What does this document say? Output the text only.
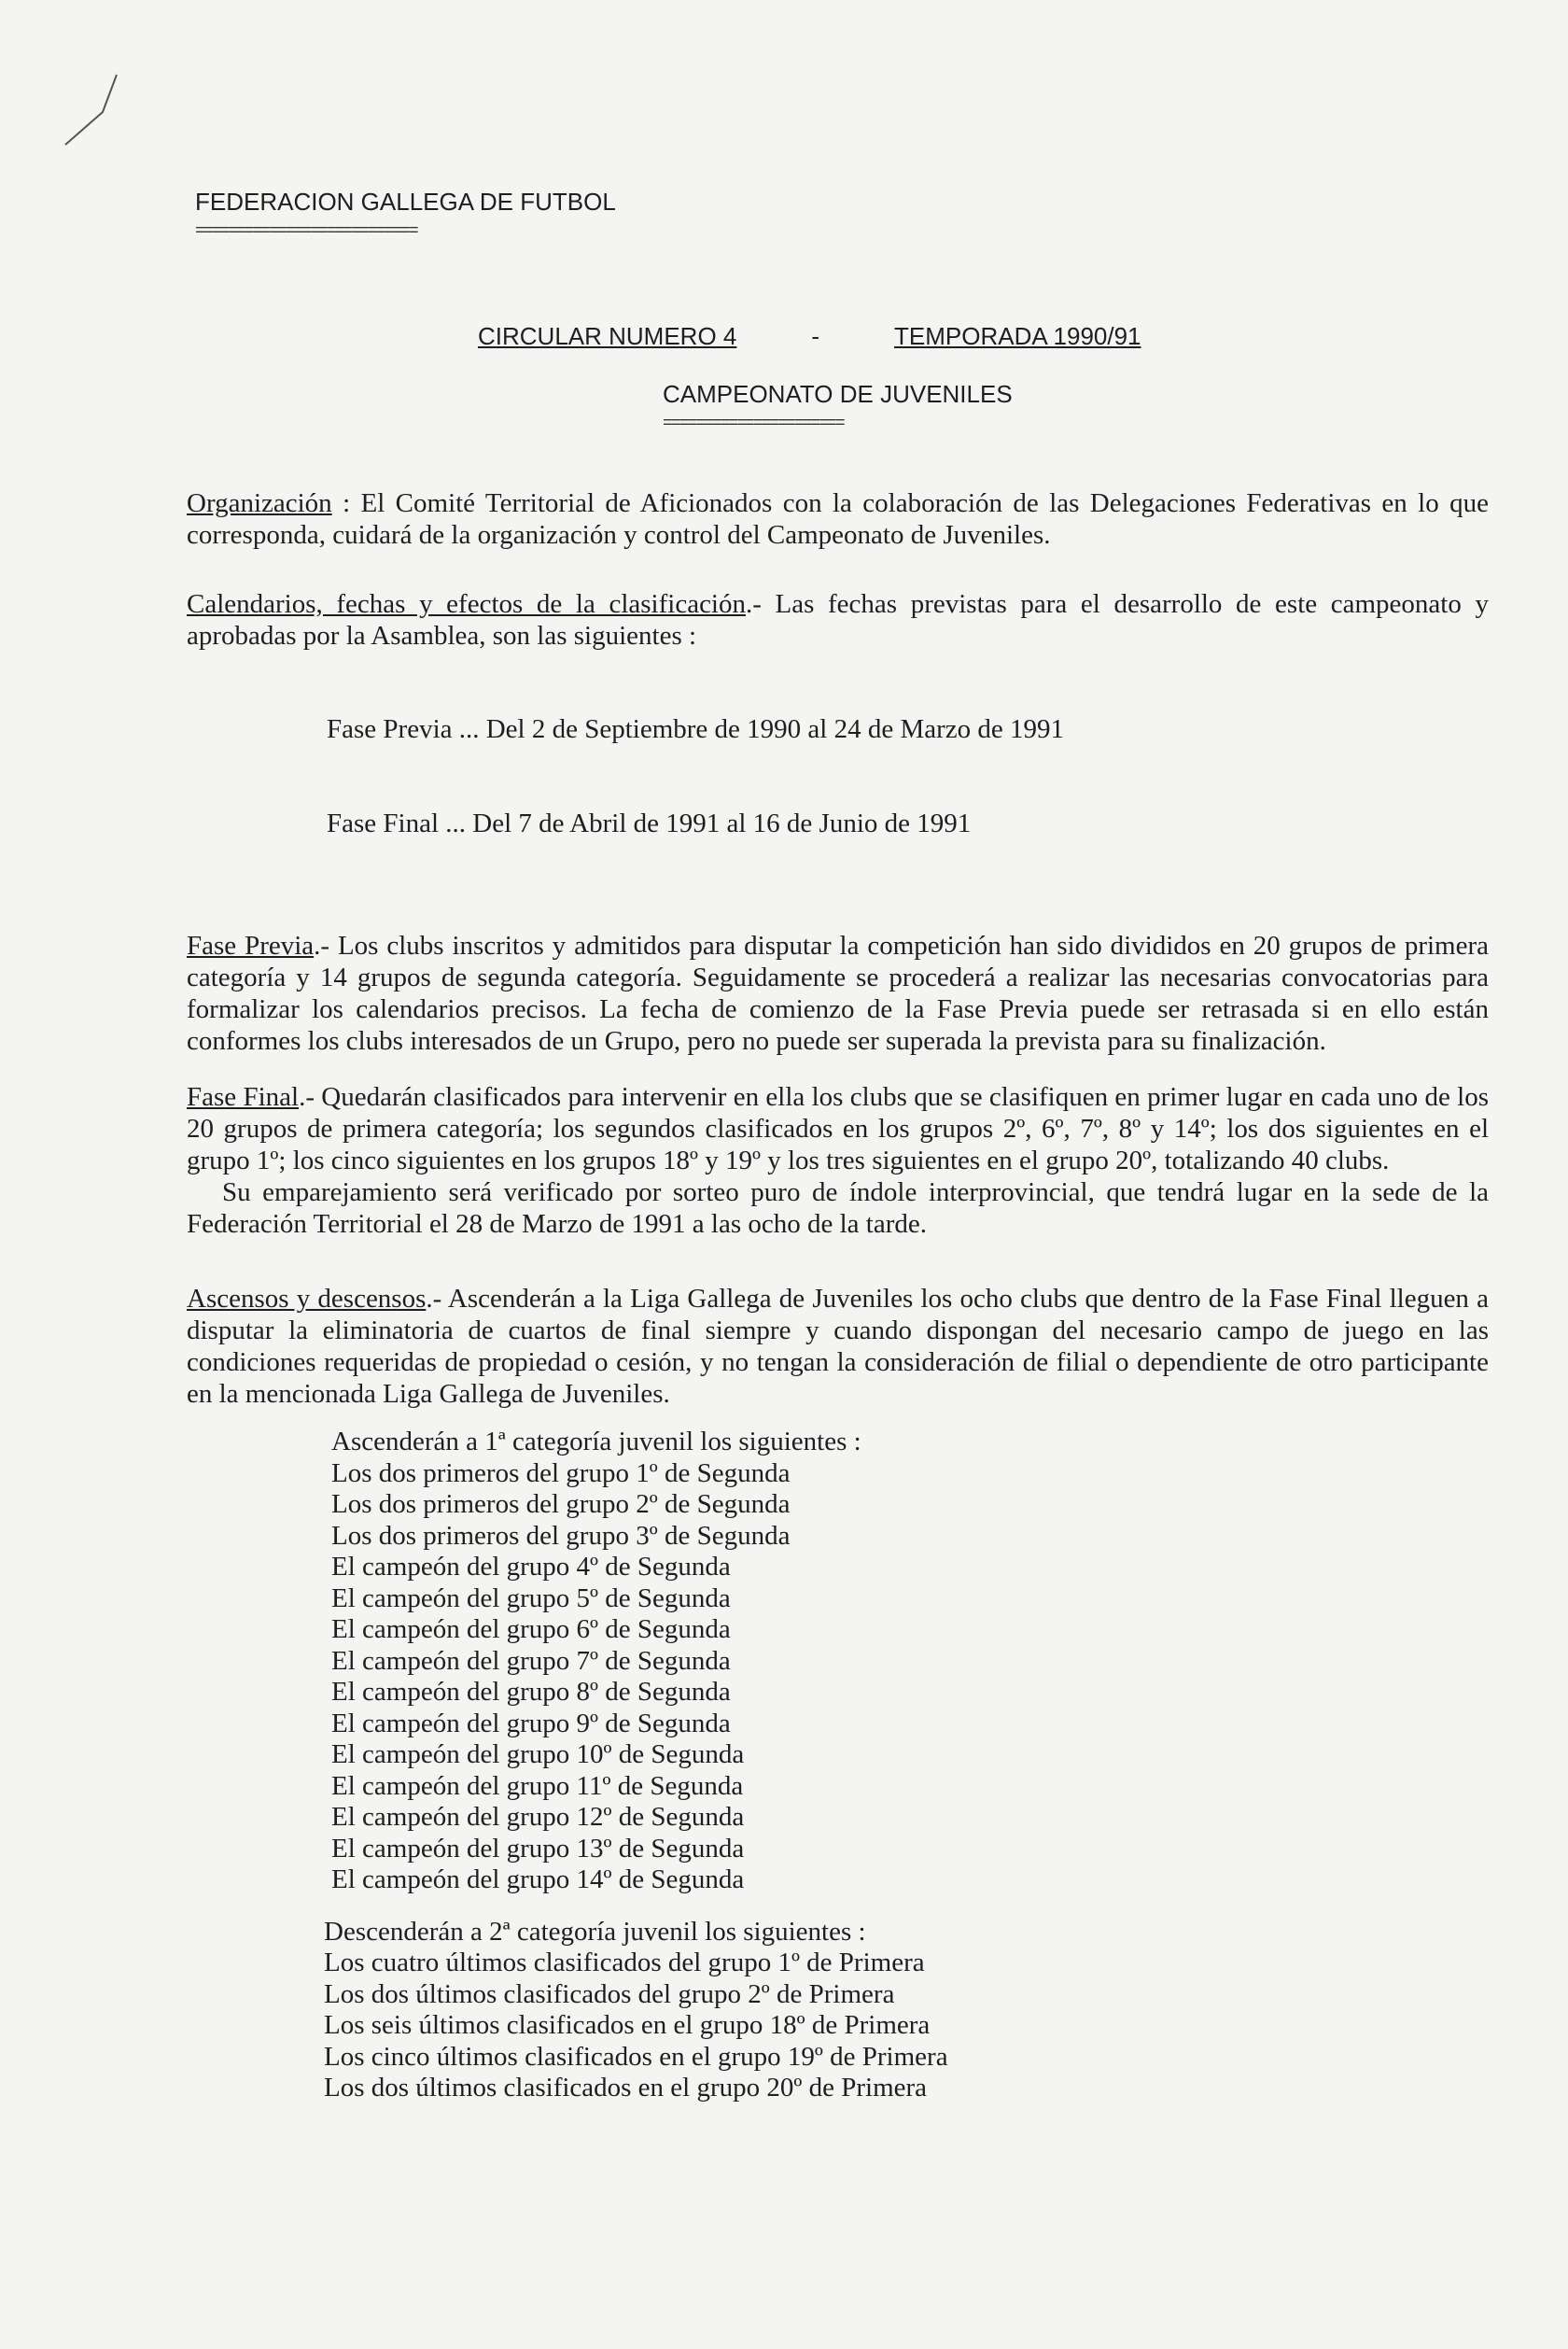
FEDERACION GALLEGA DE FUTBOL
===========================
CIRCULAR NUMERO 4	-	TEMPORADA 1990/91
CAMPEONATO DE JUVENILES
======================

Organización : El Comité Territorial de Aficionados con la colaboración de las Delegaciones Federativas en lo que corresponda, cuidará de la organización y control del Campeonato de Juveniles.

Calendarios, fechas y efectos de la clasificación.- Las fechas previstas para el desarrollo de este campeonato y aprobadas por la Asamblea, son las siguientes :

Fase Previa ... Del 2 de Septiembre de 1990 al 24 de Marzo de 1991

Fase Final ... Del 7 de Abril de 1991 al 16 de Junio de 1991

Fase Previa.- Los clubs inscritos y admitidos para disputar la competición han sido divididos en 20 grupos de primera categoría y 14 grupos de segunda categoría. Seguidamente se procederá a realizar las necesarias convocatorias para formalizar los calendarios precisos. La fecha de comienzo de la Fase Previa puede ser retrasada si en ello están conformes los clubs interesados de un Grupo, pero no puede ser superada la prevista para su finalización.

Fase Final.- Quedarán clasificados para intervenir en ella los clubs que se clasifiquen en primer lugar en cada uno de los 20 grupos de primera categoría; los segundos clasificados en los grupos 2º, 6º, 7º, 8º y 14º; los dos siguientes en el grupo 1º; los cinco siguientes en los grupos 18º y 19º y los tres siguientes en el grupo 20º, totalizando 40 clubs.

Su emparejamiento será verificado por sorteo puro de índole interprovincial, que tendrá lugar en la sede de la Federación Territorial el 28 de Marzo de 1991 a las ocho de la tarde.

Ascensos y descensos.- Ascenderán a la Liga Gallega de Juveniles los ocho clubs que dentro de la Fase Final lleguen a disputar la eliminatoria de cuartos de final siempre y cuando dispongan del necesario campo de juego en las condiciones requeridas de propiedad o cesión, y no tengan la consideración de filial o dependiente de otro participante en la mencionada Liga Gallega de Juveniles.

Ascenderán a 1ª categoría juvenil los siguientes :
Los dos primeros del grupo 1º de Segunda
Los dos primeros del grupo 2º de Segunda
Los dos primeros del grupo 3º de Segunda
El campeón del grupo 4º de Segunda
El campeón del grupo 5º de Segunda
El campeón del grupo 6º de Segunda
El campeón del grupo 7º de Segunda
El campeón del grupo 8º de Segunda
El campeón del grupo 9º de Segunda
El campeón del grupo 10º de Segunda
El campeón del grupo 11º de Segunda
El campeón del grupo 12º de Segunda
El campeón del grupo 13º de Segunda
El campeón del grupo 14º de Segunda
Descenderán a 2ª categoría juvenil los siguientes :
Los cuatro últimos clasificados del grupo 1º de Primera
Los dos últimos clasificados del grupo 2º de Primera
Los seis últimos clasificados en el grupo 18º de Primera
Los cinco últimos clasificados en el grupo 19º de Primera
Los dos últimos clasificados en el grupo 20º de Primera
